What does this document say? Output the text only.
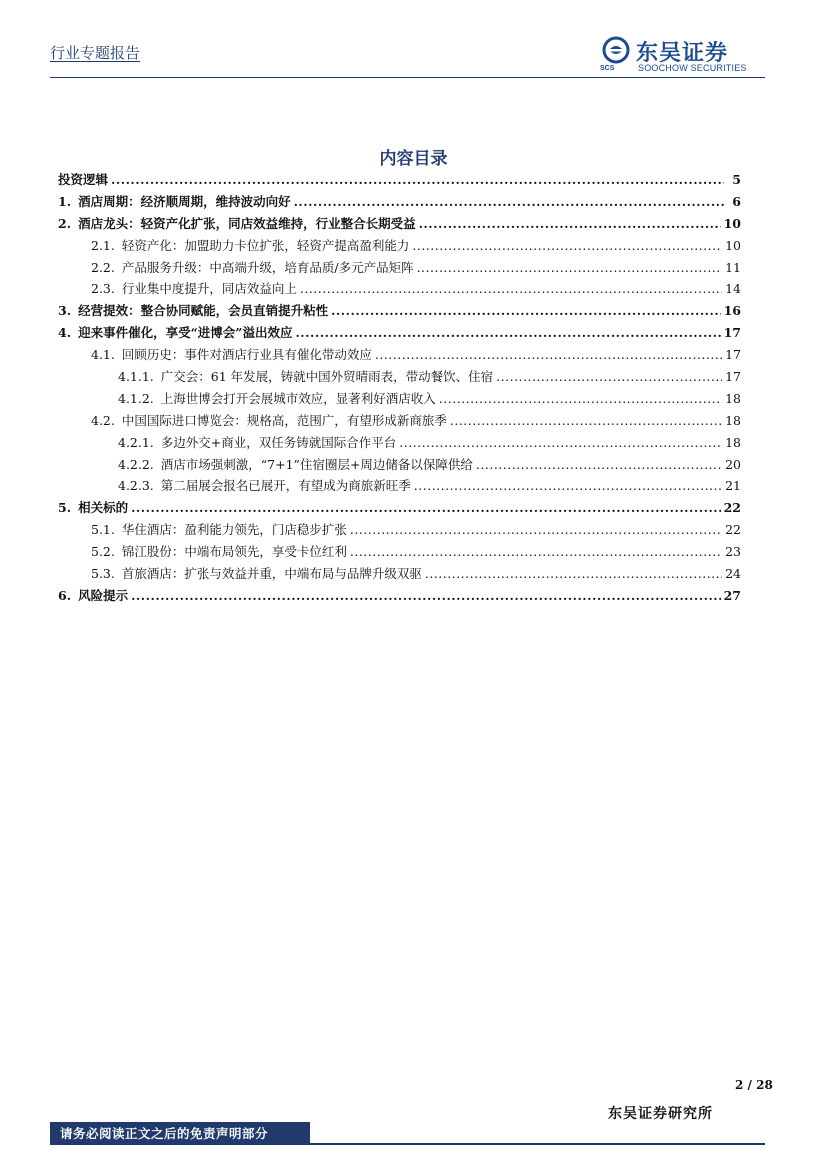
行业专题报告
SCS
东吴证券
SOOCHOW SECURITIES
内容目录
投资逻辑 .....	5
1. 酒店周期：经济顺周期，维持波动向好 .....	6
2. 酒店龙头：轻资产化扩张，同店效益维持，行业整合长期受益 .....	10
2.1. 轻资产化：加盟助力卡位扩张，轻资产提高盈利能力 .....	10
2.2. 产品服务升级：中高端升级，培育品质/多元产品矩阵 .....	11
2.3. 行业集中度提升，同店效益向上 .....	14
3. 经营提效：整合协同赋能，会员直销提升粘性 .....	16
4. 迎来事件催化，享受“进博会”溢出效应 .....	17
4.1. 回顾历史：事件对酒店行业具有催化带动效应 .....	17
4.1.1. 广交会：61 年发展，铸就中国外贸晴雨表，带动餐饮、住宿 .....	17
4.1.2. 上海世博会打开会展城市效应，显著利好酒店收入 .....	18
4.2. 中国国际进口博览会：规格高，范围广，有望形成新商旅季 .....	18
4.2.1. 多边外交+商业，双任务铸就国际合作平台 .....	18
4.2.2. 酒店市场强刺激，“7+1”住宿圈层+周边储备以保障供给 .....	20
4.2.3. 第二届展会报名已展开，有望成为商旅新旺季 .....	21
5. 相关标的 .....	22
5.1. 华住酒店：盈利能力领先，门店稳步扩张 .....	22
5.2. 锦江股份：中端布局领先，享受卡位红利 .....	23
5.3. 首旅酒店：扩张与效益并重，中端布局与品牌升级双驱 .....	24
6. 风险提示 .....	27
2 / 28
东吴证券研究所
请务必阅读正文之后的免责声明部分
